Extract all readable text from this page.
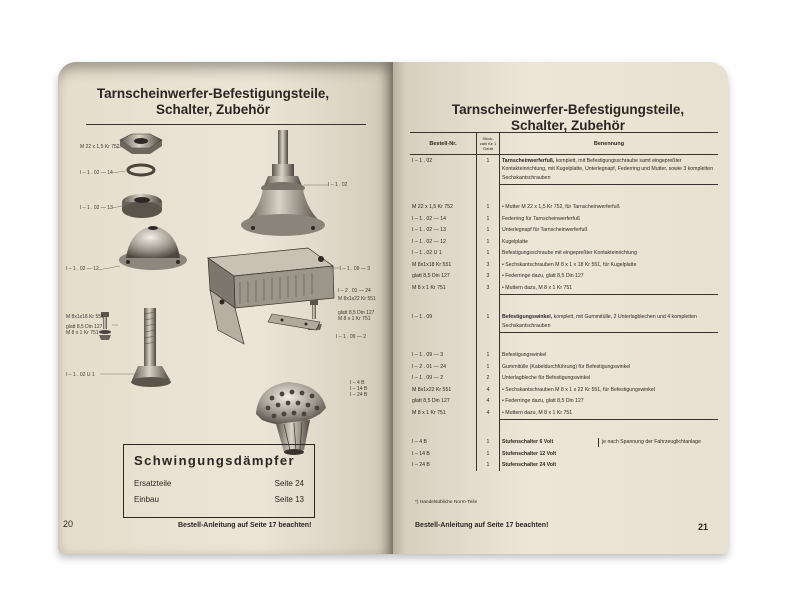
Tarnscheinwerfer-Befestigungsteile,
Schalter, Zubehör
M 22 x 1,5 Kr 752
I – 1 . 02 — 14
I – 1 . 02 — 13
I – 1 . 02
I – 1 . 02 — 12	I – 1 . 09 — 3
M 8x1x18 Kr 551
glatt 8,5 Din 127
M 8 x 1 Kr 751
I – 2 . 01 — 24
M 8x1x22 Kr 551
glatt 8,5 Din 127
M 8 x 1 Kr 751
I – 1 . 09 — 2
I – 1 . 02 U 1
I – 4 B
I – 14 B
I – 24 B
Schwingungsdämpfer
Ersatzteile	Seite 24
Einbau	Seite 13
20	Bestell-Anleitung auf Seite 17 beachten!
Tarnscheinwerfer-Befestigungsteile,
Schalter, Zubehör
Bestell-Nr.	Stück-zahl für 1 Gerät	Benennung
I – 1 . 02	1	Tarnscheinwerferfuß, komplett, mit Befestigungsschraube samt eingepreßter Kontakteinrichtung, mit Kugelplatte, Unterlegnapf, Federring und Mutter, sowie 3 kompletten Sechskantschrauben

M 22 x 1,5 Kr 752	1	• Mutter M 22 x 1,5 Kr 752, für Tarnscheinwerferfuß
I – 1 . 02 — 14	1	Federring für Tarnscheinwerferfuß
I – 1 . 02 — 13	1	Unterlegnapf für Tarnscheinwerferfuß
I – 1 . 02 — 12	1	Kugelplatte
I – 1 . 02 U 1	1	Befestigungsschraube mit eingepreßter Kontakteinrichtung
M 8x1x18 Kr 551	3	• Sechskantschrauben M 8 x 1 x 18 Kr 551, für Kugelplatte
glatt 8,5 Din 127	3	• Federringe dazu, glatt 8,5 Din 127
M 8 x 1 Kr 751	3	• Muttern dazu, M 8 x 1 Kr 751

I – 1 . 09	1	Befestigungswinkel, komplett, mit Gummitülle, 2 Unterlagblechen und 4 kompletten Sechskantschrauben

I – 1 . 09 — 3	1	Befestigungswinkel
I – 2 . 01 — 24	1	Gummitülle (Kabeldurchführung) für Befestigungswinkel
I – 1 . 09 — 2	2	Unterlagbleche für Befestigungswinkel
M 8x1x22 Kr 551	4	• Sechskantschrauben M 8 x 1 x 22 Kr 551, für Befestigungswinkel
glatt 8,5 Din 127	4	• Federringe dazu, glatt 8,5 Din 127
M 8 x 1 Kr 751	4	• Muttern dazu, M 8 x 1 Kr 751

I – 4 B	1	Stufenschalter 6 Volt je nach Spannung der Fahrzeuglichtanlage
I – 14 B	1	Stufenschalter 12 Volt
I – 24 B	1	Stufenschalter 24 Volt
*) Handelsübliche Norm-Teile
Bestell-Anleitung auf Seite 17 beachten!	21
